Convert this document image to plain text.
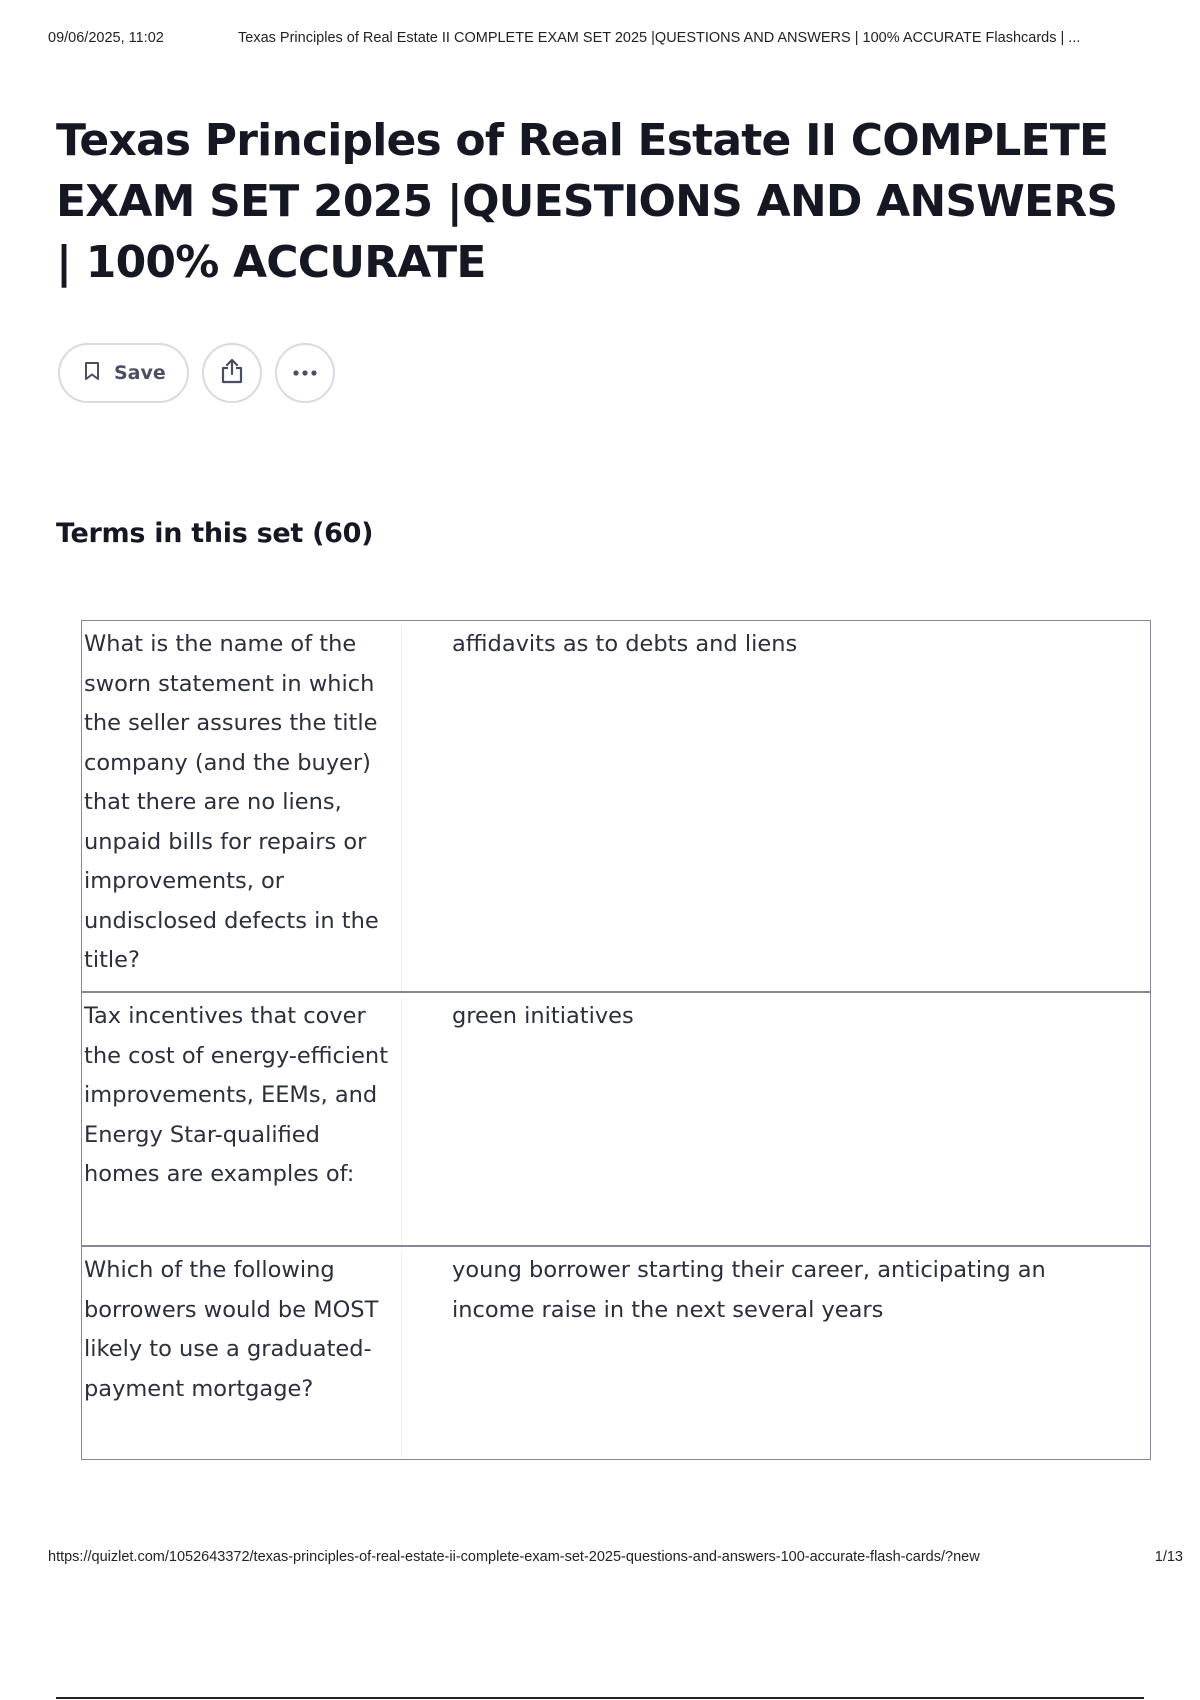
09/06/2025, 11:02	Texas Principles of Real Estate II COMPLETE EXAM SET 2025 |QUESTIONS AND ANSWERS | 100% ACCURATE Flashcards | ...
Texas Principles of Real Estate II COMPLETE EXAM SET 2025 |QUESTIONS AND ANSWERS | 100% ACCURATE
Save
Terms in this set (60)
What is the name of the sworn statement in which the seller assures the title company (and the buyer) that there are no liens, unpaid bills for repairs or improvements, or undisclosed defects in the title?
affidavits as to debts and liens
Tax incentives that cover the cost of energy-efficient improvements, EEMs, and Energy Star-qualified homes are examples of:
green initiatives
Which of the following borrowers would be MOST likely to use a graduated-payment mortgage?
young borrower starting their career, anticipating an income raise in the next several years
https://quizlet.com/1052643372/texas-principles-of-real-estate-ii-complete-exam-set-2025-questions-and-answers-100-accurate-flash-cards/?new	1/13
